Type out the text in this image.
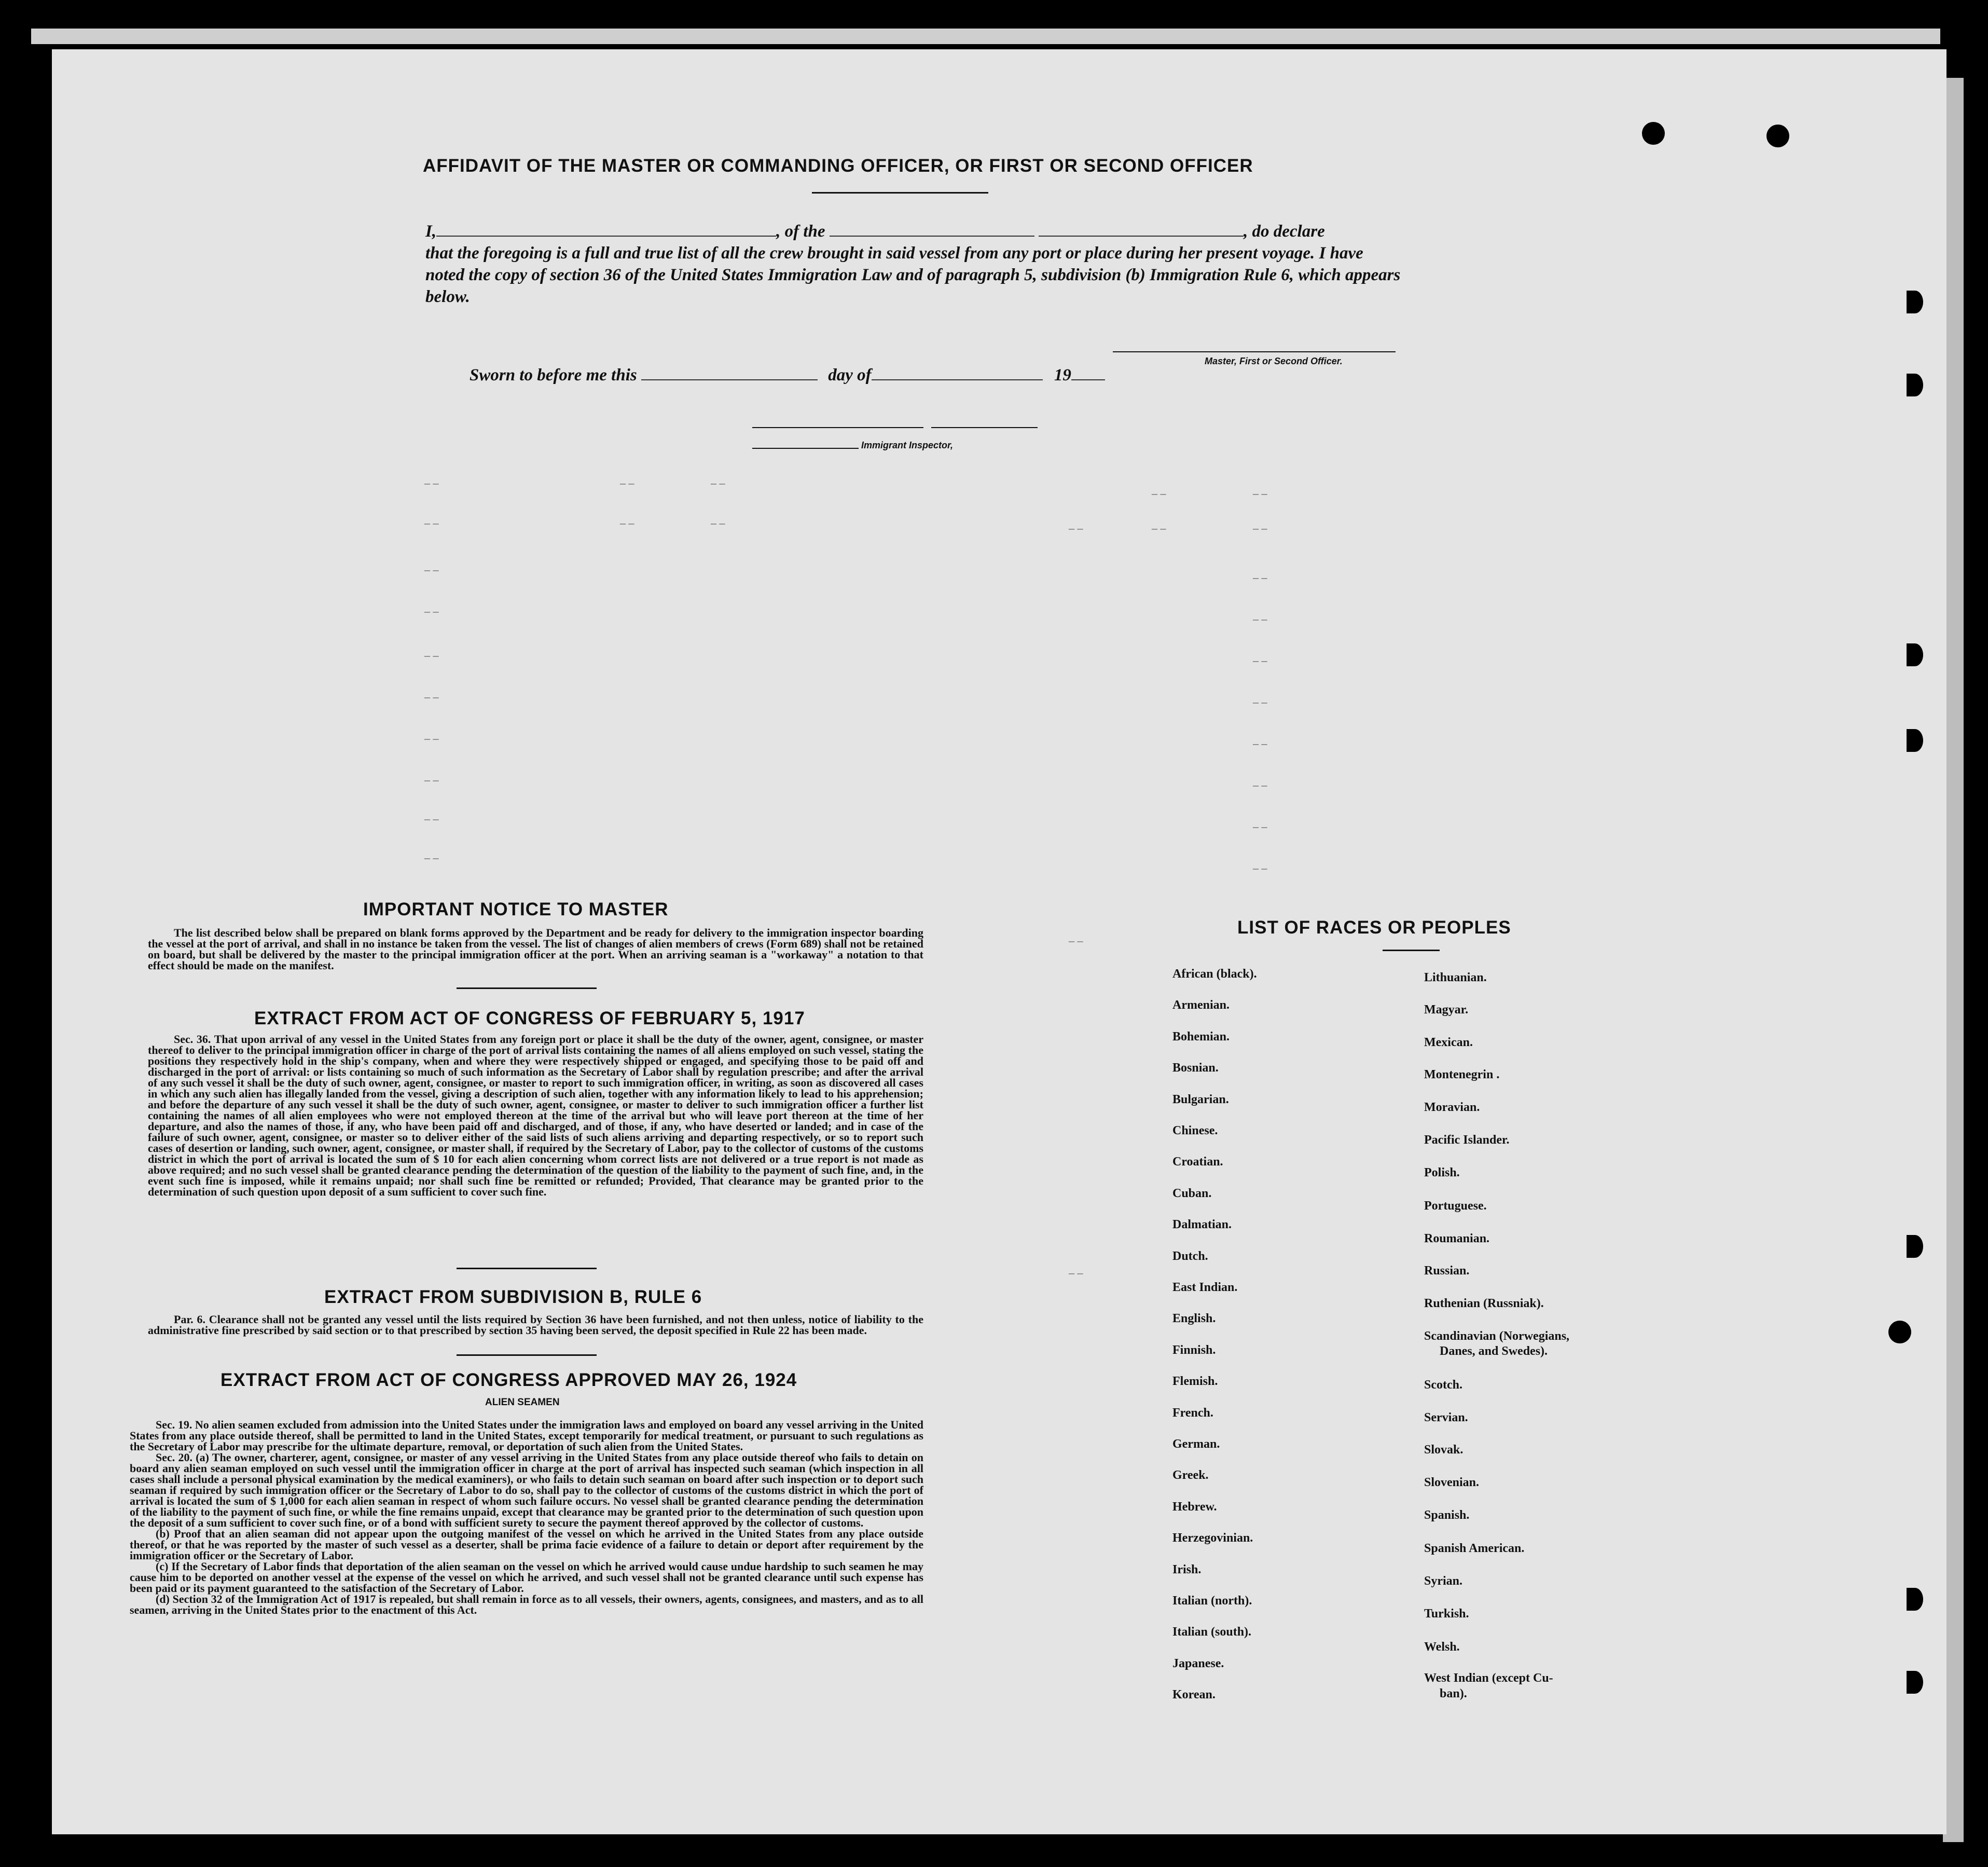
AFFIDAVIT OF THE MASTER OR COMMANDING OFFICER, OR FIRST OR SECOND OFFICER
I,	, of the	, do declare
that the foregoing is a full and true list of all the crew brought in said vessel from any port or place during her present voyage. I have noted the copy of section 36 of the United States Immigration Law and of paragraph 5, subdivision (b) Immigration Rule 6, which appears below.
Master, First or Second Officer.
Sworn to before me this	day of	19
Immigrant Inspector,
– –	– –	– –
– –	– –
– –	– –	– –	– –	– –	– –
– –
– –
– –
– –
– –	– –
– –	– –
– –	– –
– –	– –
– –
– –
– –
– –
– –
– –
IMPORTANT NOTICE TO MASTER

The list described below shall be prepared on blank forms approved by the Department and be ready for delivery to the immigration inspector boarding the vessel at the port of arrival, and shall in no instance be taken from the vessel. The list of changes of alien members of crews (Form 689) shall not be retained on board, but shall be delivered by the master to the principal immigration officer at the port. When an arriving seaman is a "workaway" a notation to that effect should be made on the manifest.

EXTRACT FROM ACT OF CONGRESS OF FEBRUARY 5, 1917

Sec. 36. That upon arrival of any vessel in the United States from any foreign port or place it shall be the duty of the owner, agent, consignee, or master thereof to deliver to the principal immigration officer in charge of the port of arrival lists containing the names of all aliens employed on such vessel, stating the positions they respectively hold in the ship's company, when and where they were respectively shipped or engaged, and specifying those to be paid off and discharged in the port of arrival: or lists containing so much of such information as the Secretary of Labor shall by regulation prescribe; and after the arrival of any such vessel it shall be the duty of such owner, agent, consignee, or master to report to such immigration officer, in writing, as soon as discovered all cases in which any such alien has illegally landed from the vessel, giving a description of such alien, together with any information likely to lead to his apprehension; and before the departure of any such vessel it shall be the duty of such owner, agent, consignee, or master to deliver to such immigration officer a further list containing the names of all alien employees who were not employed thereon at the time of the arrival but who will leave port thereon at the time of her departure, and also the names of those, if any, who have been paid off and discharged, and of those, if any, who have deserted or landed; and in case of the failure of such owner, agent, consignee, or master so to deliver either of the said lists of such aliens arriving and departing respectively, or so to report such cases of desertion or landing, such owner, agent, consignee, or master shall, if required by the Secretary of Labor, pay to the collector of customs of the customs district in which the port of arrival is located the sum of $ 10 for each alien concerning whom correct lists are not delivered or a true report is not made as above required; and no such vessel shall be granted clearance pending the determination of the question of the liability to the payment of such fine, and, in the event such fine is imposed, while it remains unpaid; nor shall such fine be remitted or refunded; Provided, That clearance may be granted prior to the determination of such question upon deposit of a sum sufficient to cover such fine.

EXTRACT FROM SUBDIVISION B, RULE 6

Par. 6. Clearance shall not be granted any vessel until the lists required by Section 36 have been furnished, and not then unless, notice of liability to the administrative fine prescribed by said section or to that prescribed by section 35 having been served, the deposit specified in Rule 22 has been made.

EXTRACT FROM ACT OF CONGRESS APPROVED MAY 26, 1924
ALIEN SEAMEN

Sec. 19. No alien seamen excluded from admission into the United States under the immigration laws and employed on board any vessel arriving in the United States from any place outside thereof, shall be permitted to land in the United States, except temporarily for medical treatment, or pursuant to such regulations as the Secretary of Labor may prescribe for the ultimate departure, removal, or deportation of such alien from the United States.

Sec. 20. (a) The owner, charterer, agent, consignee, or master of any vessel arriving in the United States from any place outside thereof who fails to detain on board any alien seaman employed on such vessel until the immigration officer in charge at the port of arrival has inspected such seaman (which inspection in all cases shall include a personal physical examination by the medical examiners), or who fails to detain such seaman on board after such inspection or to deport such seaman if required by such immigration officer or the Secretary of Labor to do so, shall pay to the collector of customs of the customs district in which the port of arrival is located the sum of $ 1,000 for each alien seaman in respect of whom such failure occurs. No vessel shall be granted clearance pending the determination of the liability to the payment of such fine, or while the fine remains unpaid, except that clearance may be granted prior to the determination of such question upon the deposit of a sum sufficient to cover such fine, or of a bond with sufficient surety to secure the payment thereof approved by the collector of customs.

(b) Proof that an alien seaman did not appear upon the outgoing manifest of the vessel on which he arrived in the United States from any place outside thereof, or that he was reported by the master of such vessel as a deserter, shall be prima facie evidence of a failure to detain or deport after requirement by the immigration officer or the Secretary of Labor.

(c) If the Secretary of Labor finds that deportation of the alien seaman on the vessel on which he arrived would cause undue hardship to such seamen he may cause him to be deported on another vessel at the expense of the vessel on which he arrived, and such vessel shall not be granted clearance until such expense has been paid or its payment guaranteed to the satisfaction of the Secretary of Labor.

(d) Section 32 of the Immigration Act of 1917 is repealed, but shall remain in force as to all vessels, their owners, agents, consignees, and masters, and as to all seamen, arriving in the United States prior to the enactment of this Act.

LIST OF RACES OR PEOPLES
African (black).
Armenian.
Bohemian.
Bosnian.
Bulgarian.
Chinese.
Croatian.
Cuban.
Dalmatian.
Dutch.
East Indian.
English.
Finnish.
Flemish.
French.
German.
Greek.
Hebrew.
Herzegovinian.
Irish.
Italian (north).
Italian (south).
Japanese.
Korean.
Lithuanian.
Magyar.
Mexican.
Montenegrin .
Moravian.
Pacific Islander.
Polish.
Portuguese.
Roumanian.
Russian.
Ruthenian (Russniak).
Scandinavian (Norwegians,
Danes, and Swedes).
Scotch.
Servian.
Slovak.
Slovenian.
Spanish.
Spanish American.
Syrian.
Turkish.
Welsh.
West Indian (except Cu-
ban).
